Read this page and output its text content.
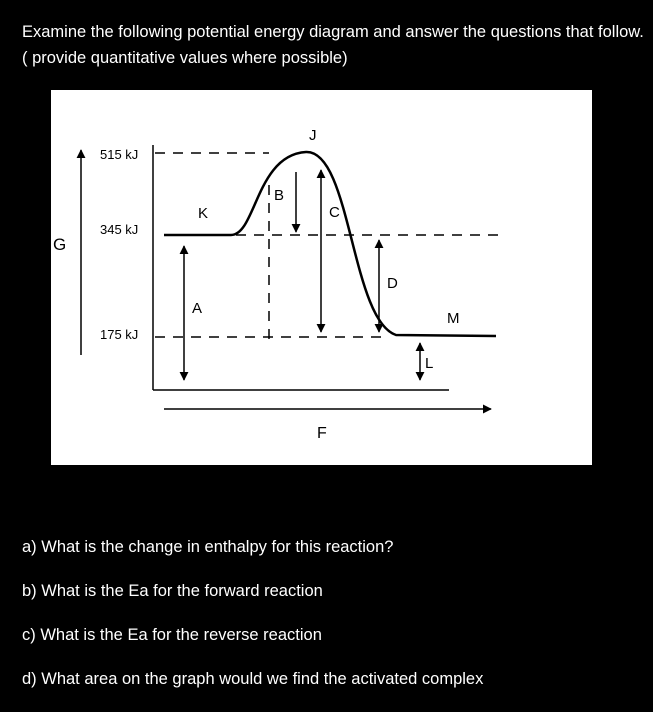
Examine the following potential energy diagram and answer the questions that follow. ( provide quantitative values where possible)
G
515 kJ
345 kJ
175 kJ
F
J
K
B
C
A
D
M
L
a) What is the change in enthalpy for this reaction?
b) What is the Ea for the forward reaction
c) What is the Ea for the reverse reaction
d) What area on the graph would we find the activated complex
